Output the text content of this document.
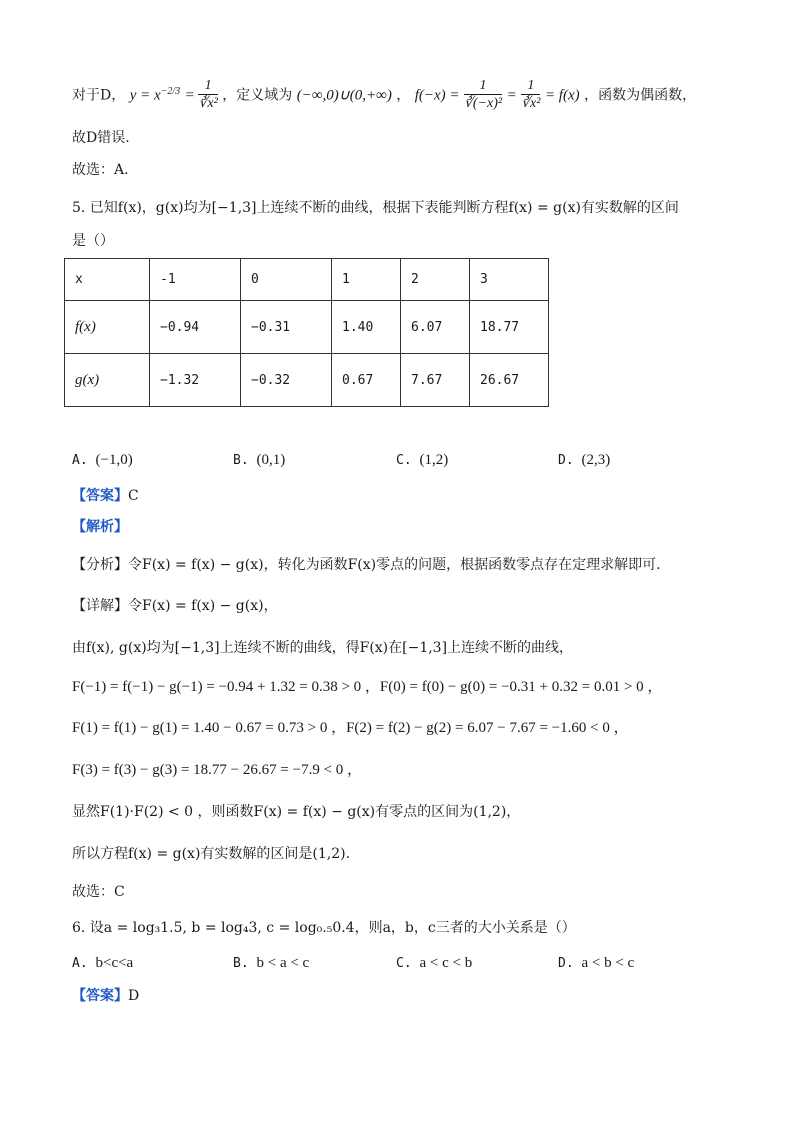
对于D， $y = x^{-2/3} = \frac{1}{\text{∛x²}}$ ，定义域为 (−∞,0)∪(0,+∞) ， $f(-x) = \frac{1}{\text{∛(−x)²}} = \frac{1}{\text{∛x²}} = f(x)$ ，函数为偶函数，
故D错误.
故选：A.
5. 已知f(x)，g(x)均为[−1,3]上连续不断的曲线，根据下表能判断方程f(x) = g(x)有实数解的区间
是（）
x	-1	0	1	2	3
f(x)	−0.94	−0.31	1.40	6.07	18.77
g(x)	−1.32	−0.32	0.67	7.67	26.67
A. (−1,0)	B. (0,1)	C. (1,2)	D. (2,3)
【答案】C
【解析】
【分析】令F(x) = f(x) − g(x)，转化为函数F(x)零点的问题，根据函数零点存在定理求解即可.
【详解】令F(x) = f(x) − g(x)，
由f(x), g(x)均为[−1,3]上连续不断的曲线，得F(x)在[−1,3]上连续不断的曲线，
F(−1) = f(−1) − g(−1) = −0.94 + 1.32 = 0.38 > 0 ，F(0) = f(0) − g(0) = −0.31 + 0.32 = 0.01 > 0 ，
F(1) = f(1) − g(1) = 1.40 − 0.67 = 0.73 > 0 ，F(2) = f(2) − g(2) = 6.07 − 7.67 = −1.60 < 0 ，
F(3) = f(3) − g(3) = 18.77 − 26.67 = −7.9 < 0 ，
显然F(1)·F(2) < 0 ，则函数F(x) = f(x) − g(x)有零点的区间为(1,2)，
所以方程f(x) = g(x)有实数解的区间是(1,2).
故选：C
6. 设a = log₃1.5, b = log₄3, c = log₀.₅0.4，则a，b，c三者的大小关系是（）
A. b<c<a	B. b < a < c	C. a < c < b	D. a < b < c
【答案】D
